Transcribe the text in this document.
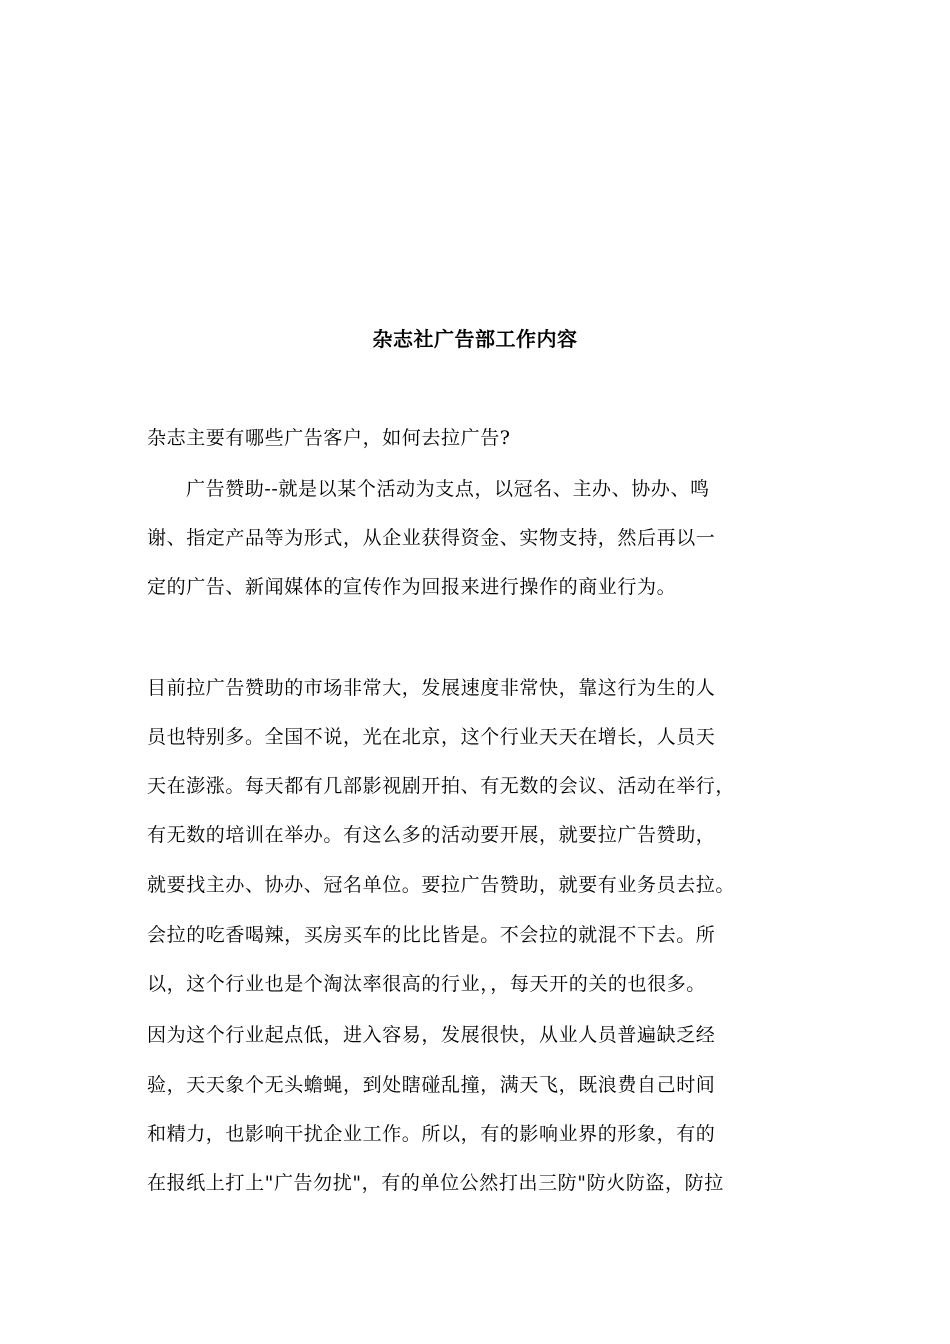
杂志社广告部工作内容
杂志主要有哪些广告客户，如何去拉广告?
广告赞助--就是以某个活动为支点，以冠名、主办、协办、鸣
谢、指定产品等为形式，从企业获得资金、实物支持，然后再以一
定的广告、新闻媒体的宣传作为回报来进行操作的商业行为。
目前拉广告赞助的市场非常大，发展速度非常快，靠这行为生的人
员也特别多。全国不说，光在北京，这个行业天天在增长，人员天
天在澎涨。每天都有几部影视剧开拍、有无数的会议、活动在举行，
有无数的培训在举办。有这么多的活动要开展，就要拉广告赞助，
就要找主办、协办、冠名单位。要拉广告赞助，就要有业务员去拉。
会拉的吃香喝辣，买房买车的比比皆是。不会拉的就混不下去。所
以，这个行业也是个淘汰率很高的行业，，每天开的关的也很多。
因为这个行业起点低，进入容易，发展很快，从业人员普遍缺乏经
验，天天象个无头蟾蝇，到处瞎碰乱撞，满天飞，既浪费自己时间
和精力，也影响干扰企业工作。所以，有的影响业界的形象，有的
在报纸上打上"广告勿扰"，有的单位公然打出三防"防火防盗，防拉
